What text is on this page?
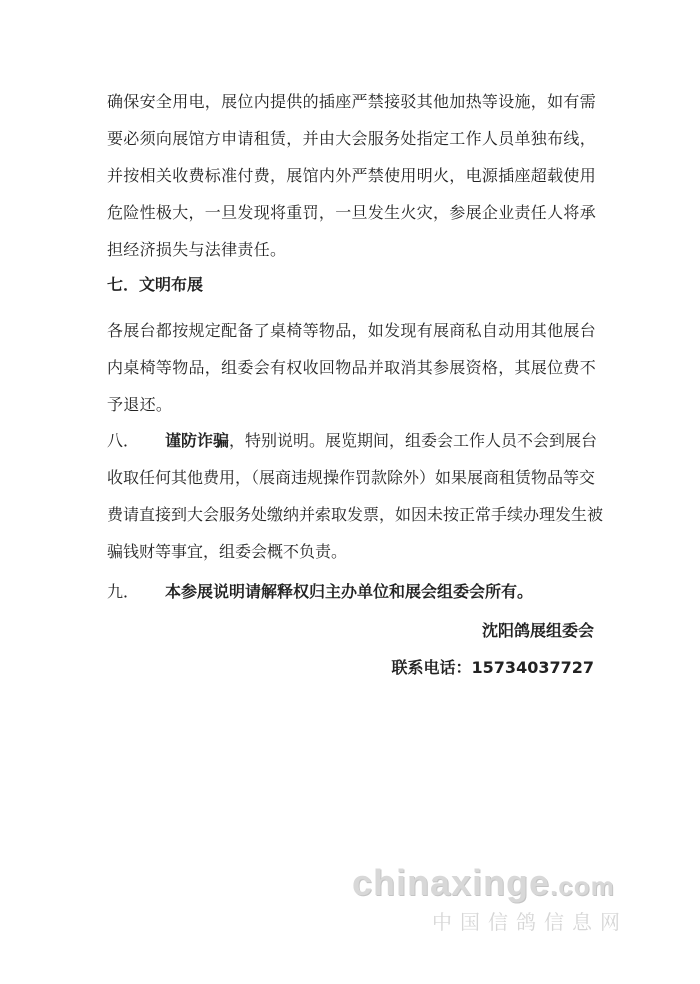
确保安全用电，展位内提供的插座严禁接驳其他加热等设施，如有需要必须向展馆方申请租赁，并由大会服务处指定工作人员单独布线，并按相关收费标准付费，展馆内外严禁使用明火，电源插座超载使用危险性极大，一旦发现将重罚，一旦发生火灾，参展企业责任人将承担经济损失与法律责任。
七．文明布展
各展台都按规定配备了桌椅等物品，如发现有展商私自动用其他展台内桌椅等物品，组委会有权收回物品并取消其参展资格，其展位费不予退还。
八．	谨防诈骗，特别说明。展览期间，组委会工作人员不会到展台收取任何其他费用，（展商违规操作罚款除外）如果展商租赁物品等交费请直接到大会服务处缴纳并索取发票，如因未按正常手续办理发生被骗钱财等事宜，组委会概不负责。
九．	本参展说明请解释权归主办单位和展会组委会所有。
沈阳鸽展组委会
联系电话：15734037727
chinaxinge.com
中国信鸽信息网
